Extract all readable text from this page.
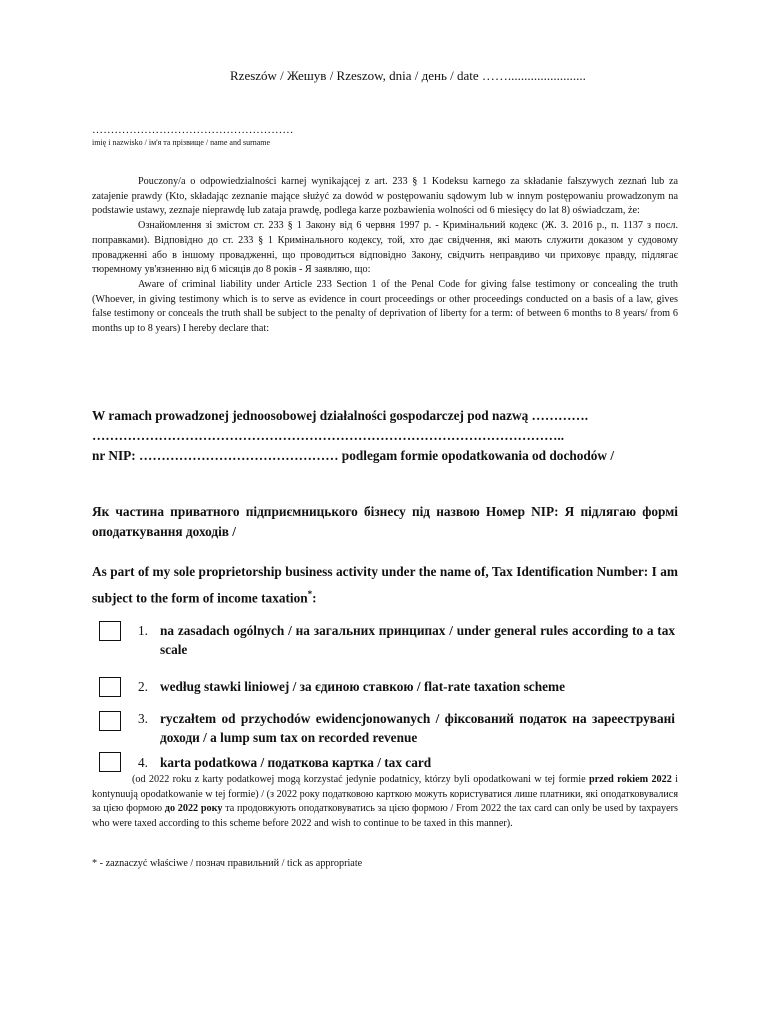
Rzeszów / Жешув / Rzeszow, dnia / день / date ……........................
………………………………………………
imię i nazwisko / ім'я та прізвище / name and surname

Pouczony/a o odpowiedzialności karnej wynikającej z art. 233 § 1 Kodeksu karnego za składanie fałszywych zeznań lub za zatajenie prawdy (Kto, składając zeznanie mające służyć za dowód w postępowaniu sądowym lub w innym postępowaniu prowadzonym na podstawie ustawy, zeznaje nieprawdę lub zataja prawdę, podlega karze pozbawienia wolności od 6 miesięcy do lat 8) oświadczam, że:

Ознайомлення зі змістом ст. 233 § 1 Закону від 6 червня 1997 р. - Кримінальний кодекс (Ж. З. 2016 р., п. 1137 з посл. поправками). Відповідно до ст. 233 § 1 Кримінального кодексу, той, хто дає свідчення, які мають служити доказом у судовому провадженні або в іншому провадженні, що проводиться відповідно Закону, свідчить неправдиво чи приховує правду, підлягає тюремному ув'язненню від 6 місяців до 8 років - Я заявляю, що:

Aware of criminal liability under Article 233 Section 1 of the Penal Code for giving false testimony or concealing the truth (Whoever, in giving testimony which is to serve as evidence in court proceedings or other proceedings conducted on a basis of a law, gives false testimony or conceals the truth shall be subject to the penalty of deprivation of liberty for a term: of between 6 months to 8 years/ from 6 months up to 8 years) I hereby declare that:

W ramach prowadzonej jednoosobowej działalności gospodarczej pod nazwą ………….
……………………………………………………………………………………………..
nr NIP: ……………………………………… podlegam formie opodatkowania od dochodów /
Як частина приватного підприємницького бізнесу під назвою Номер NIP: Я підлягаю формі оподаткування доходів /
As part of my sole proprietorship business activity under the name of, Tax Identification Number: I am subject to the form of income taxation*:
1. na zasadach ogólnych / на загальних принципах / under general rules according to a tax scale
2. według stawki liniowej / за єдиною ставкою / flat-rate taxation scheme
3. ryczałtem od przychodów ewidencjonowanych / фіксований податок на зарееструвані доходи / a lump sum tax on recorded revenue
4. karta podatkowa / податкова картка / tax card
(od 2022 roku z karty podatkowej mogą korzystać jedynie podatnicy, którzy byli opodatkowani w tej formie przed rokiem 2022 i kontynuują opodatkowanie w tej formie) / (з 2022 року податковою карткою можуть користуватися лише платники, які оподатковувалися за цією формою до 2022 року та продовжують оподатковуватись за цією формою / From 2022 the tax card can only be used by taxpayers who were taxed according to this scheme before 2022 and wish to continue to be taxed in this manner).
* - zaznaczyć właściwe / познач правильний / tick as appropriate
